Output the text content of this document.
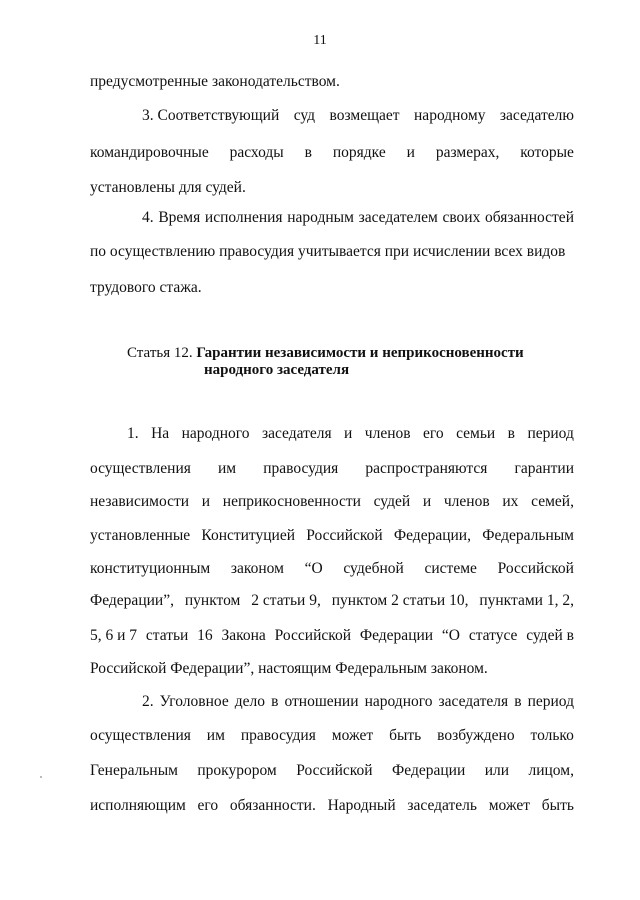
11
предусмотренные законодательством.
3. Соответствующий суд возмещает народному заседателю
командировочные расходы в порядке и размерах, которые
установлены для судей.
4. Время исполнения народным заседателем своих обязанностей
по осуществлению правосудия учитывается при исчислении всех видов
трудового стажа.
Статья 12. Гарантии независимости и неприкосновенности
народного заседателя
1. На народного заседателя и членов его семьи в период
осуществления им правосудия распространяются гарантии
независимости и неприкосновенности судей и членов их семей,
установленные Конституцией Российской Федерации, Федеральным
конституционным законом “О судебной системе Российской
Федерации”, пунктом 2 статьи 9, пунктом 2 статьи 10, пунктами 1, 2,
5, 6 и 7 статьи 16 Закона Российской Федерации “О статусе судей в
Российской Федерации”, настоящим Федеральным законом.
2. Уголовное дело в отношении народного заседателя в период
осуществления им правосудия может быть возбуждено только
Генеральным прокурором Российской Федерации или лицом,
исполняющим его обязанности. Народный заседатель может быть
